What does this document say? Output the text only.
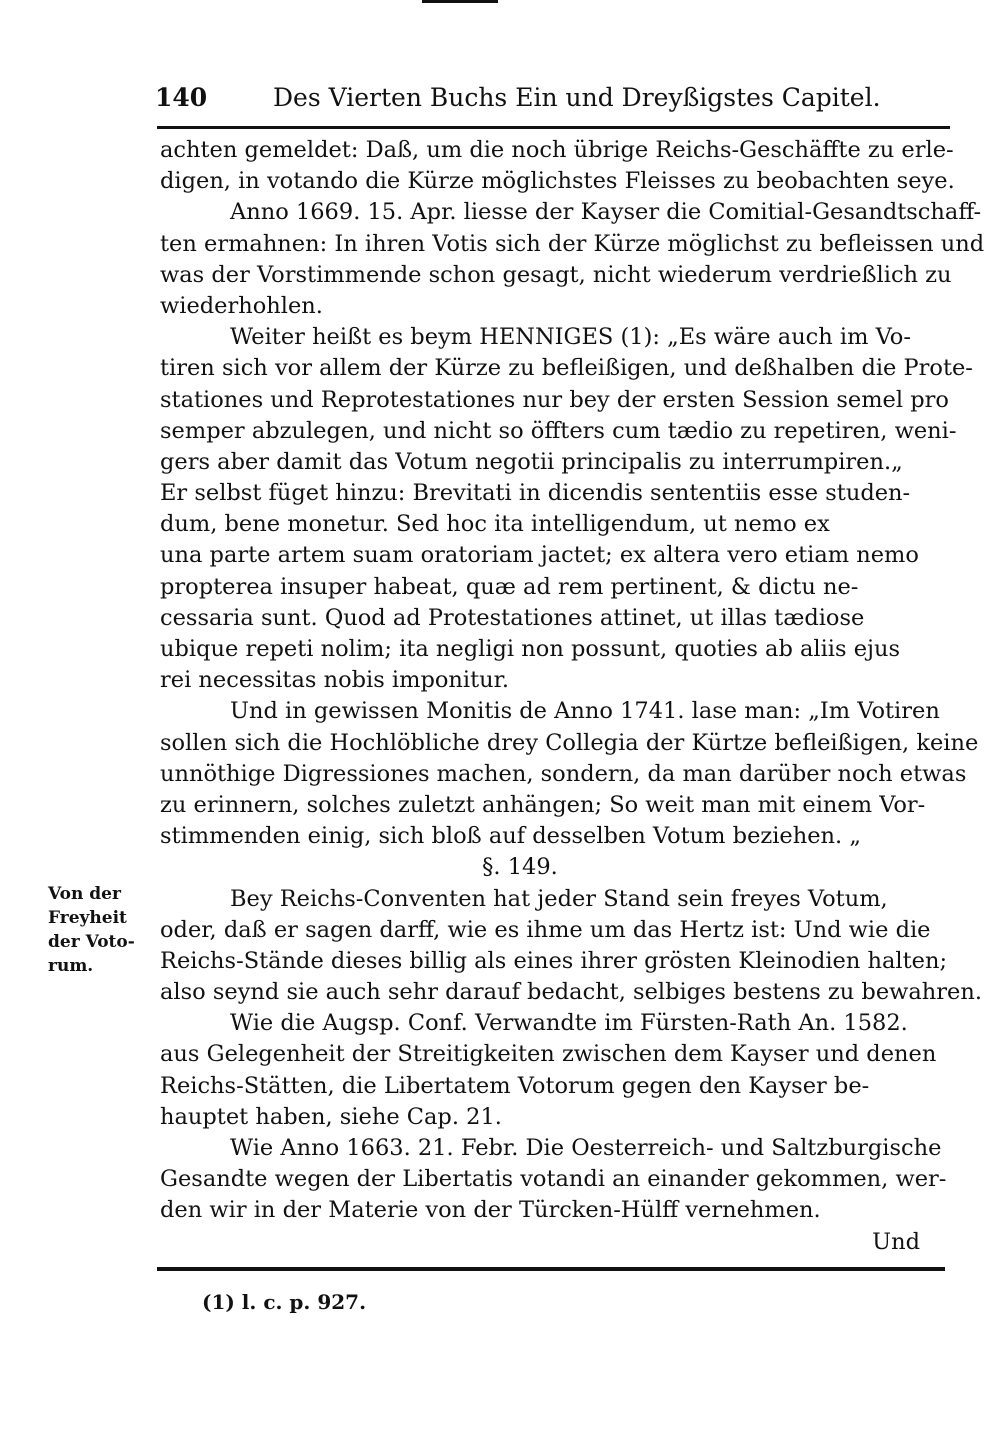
140	Des Vierten Buchs Ein und Dreyßigstes Capitel.
achten gemeldet: Daß, um die noch übrige Reichs-Geschäffte zu erle-
digen, in votando die Kürze möglichstes Fleisses zu beobachten seye.
Anno 1669. 15. Apr. liesse der Kayser die Comitial-Gesandtschaff-
ten ermahnen: In ihren Votis sich der Kürze möglichst zu befleissen und
was der Vorstimmende schon gesagt, nicht wiederum verdrießlich zu
wiederhohlen.
Weiter heißt es beym HENNIGES (1): „Es wäre auch im Vo-
tiren sich vor allem der Kürze zu befleißigen, und deßhalben die Prote-
stationes und Reprotestationes nur bey der ersten Session semel pro
semper abzulegen, und nicht so öffters cum tædio zu repetiren, weni-
gers aber damit das Votum negotii principalis zu interrumpiren.„
Er selbst füget hinzu: Brevitati in dicendis sententiis esse studen-
dum, bene monetur. Sed hoc ita intelligendum, ut nemo ex
una parte artem suam oratoriam jactet; ex altera vero etiam nemo
propterea insuper habeat, quæ ad rem pertinent, & dictu ne-
cessaria sunt. Quod ad Protestationes attinet, ut illas tædiose
ubique repeti nolim; ita negligi non possunt, quoties ab aliis ejus
rei necessitas nobis imponitur.
Und in gewissen Monitis de Anno 1741. lase man: „Im Votiren
sollen sich die Hochlöbliche drey Collegia der Kürtze befleißigen, keine
unnöthige Digressiones machen, sondern, da man darüber noch etwas
zu erinnern, solches zuletzt anhängen; So weit man mit einem Vor-
stimmenden einig, sich bloß auf desselben Votum beziehen. „
§. 149.
Bey Reichs-Conventen hat jeder Stand sein freyes Votum,
oder, daß er sagen darff, wie es ihme um das Hertz ist: Und wie die
Reichs-Stände dieses billig als eines ihrer grösten Kleinodien halten;
also seynd sie auch sehr darauf bedacht, selbiges bestens zu bewahren.
Wie die Augsp. Conf. Verwandte im Fürsten-Rath An. 1582.
aus Gelegenheit der Streitigkeiten zwischen dem Kayser und denen
Reichs-Stätten, die Libertatem Votorum gegen den Kayser be-
hauptet haben, siehe Cap. 21.
Wie Anno 1663. 21. Febr. Die Oesterreich- und Saltzburgische
Gesandte wegen der Libertatis votandi an einander gekommen, wer-
den wir in der Materie von der Türcken-Hülff vernehmen.
Und
Von der
Freyheit
der Voto-
rum.
(1) l. c. p. 927.
